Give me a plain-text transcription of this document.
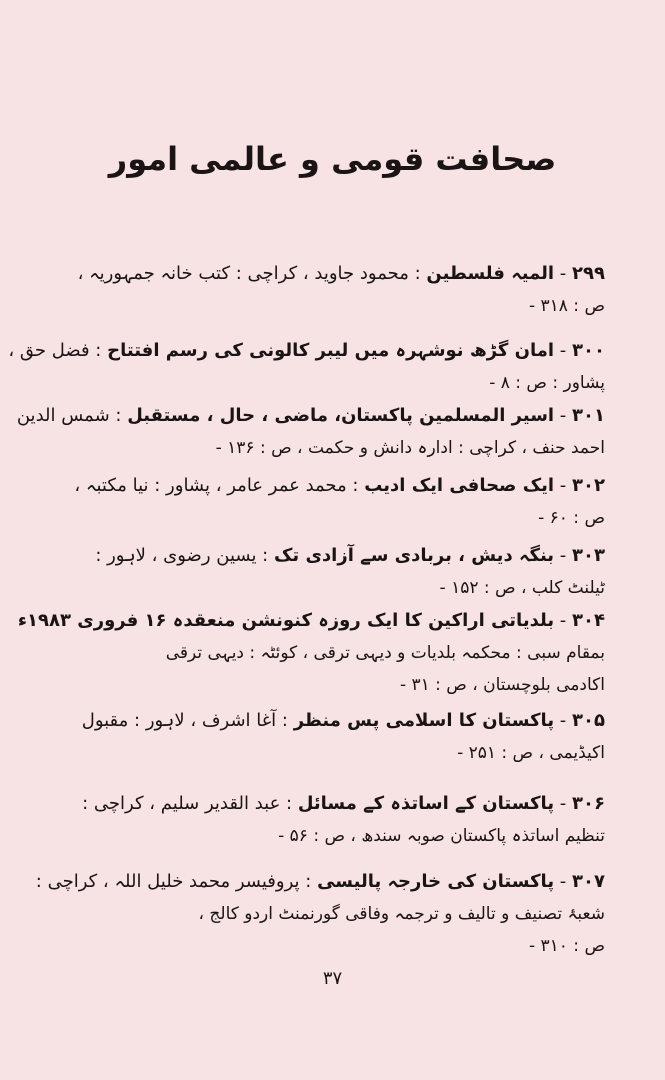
صحافت قومی و عالمی امور
۲۹۹ - المیہ فلسطین : محمود جاوید ، کراچی : کتب خانہ جمہوریہ ،
ص : ۳۱۸ -
۳۰۰ - امان گڑھ نوشہرہ میں لیبر کالونی کی رسم افتتاح : فضل حق ،
پشاور : ص : ۸ -
۳۰۱ - اسیر المسلمین پاکستان، ماضی ، حال ، مستقبل : شمس الدین
احمد حنف ، کراچی : ادارہ دانش و حکمت ، ص : ۱۳۶ -
۳۰۲ - ایک صحافی ایک ادیب : محمد عمر عامر ، پشاور : نیا مکتبہ ،
ص : ۶۰ -
۳۰۳ - بنگہ دیش ، بربادی سے آزادی تک : یسین رضوی ، لاہور :
ٹیلنٹ کلب ، ص : ۱۵۲ -
۳۰۴ - بلدیاتی اراکین کا ایک روزہ کنونشن منعقدہ ۱۶ فروری ۱۹۸۳ء
بمقام سبی : محکمہ بلدیات و دیہی ترقی ، کوئٹہ : دیہی ترقی
اکادمی بلوچستان ، ص : ۳۱ -
۳۰۵ - پاکستان کا اسلامی پس منظر : آغا اشرف ، لاہور : مقبول
اکیڈیمی ، ص : ۲۵۱ -
۳۰۶ - پاکستان کے اساتذہ کے مسائل : عبد القدیر سلیم ، کراچی :
تنظیم اساتذہ پاکستان صوبہ سندھ ، ص : ۵۶ -
۳۰۷ - پاکستان کی خارجہ پالیسی : پروفیسر محمد خلیل اللہ ، کراچی :
شعبۂ تصنیف و تالیف و ترجمہ وفاقی گورنمنٹ اردو کالج ،
ص : ۳۱۰ -
۳۷
